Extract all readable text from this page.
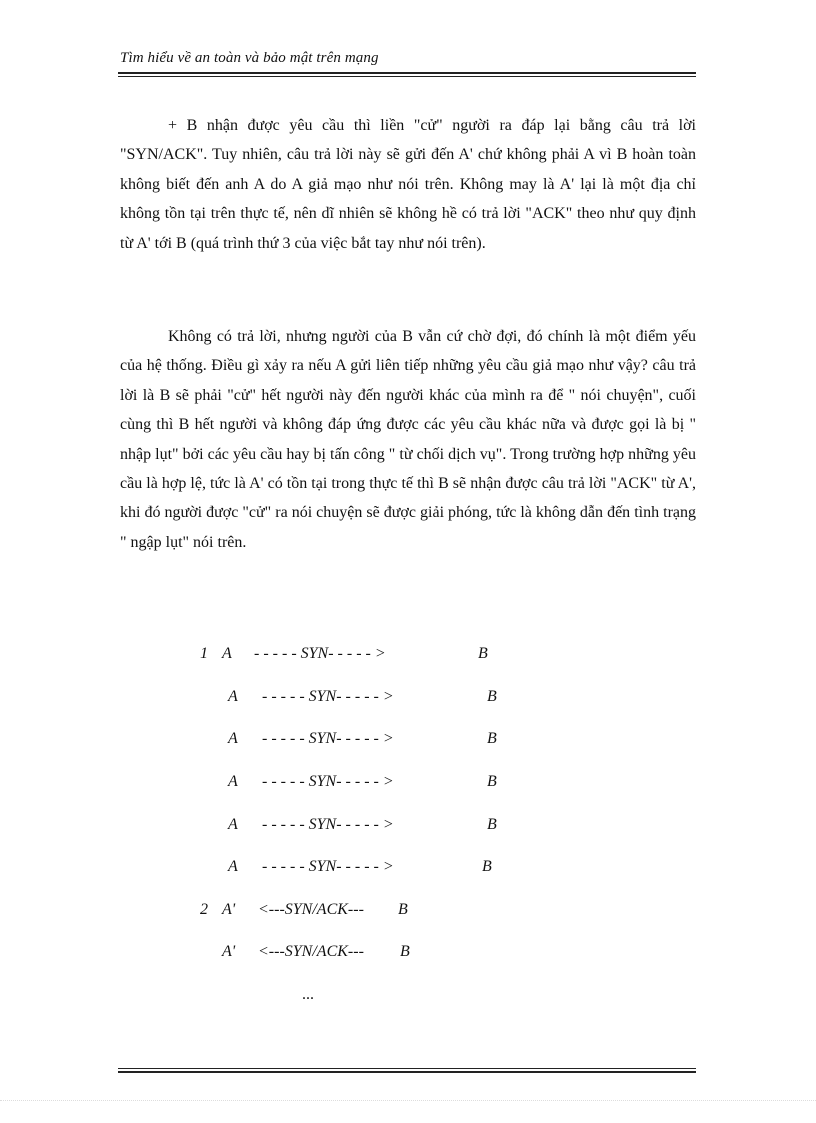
Tìm hiểu về an toàn và bảo mật trên mạng

+ B nhận được yêu cầu thì liền "cử" người ra đáp lại bằng câu trả lời "SYN/ACK". Tuy nhiên, câu trả lời này sẽ gửi đến A' chứ không phải A vì B hoàn toàn không biết đến anh A do A giả mạo như nói trên. Không may là A' lại là một địa chỉ không tồn tại trên thực tế, nên dĩ nhiên sẽ không hề có trả lời "ACK" theo như quy định từ A' tới B (quá trình thứ 3 của việc bắt tay như nói trên).

Không có trả lời, nhưng người của B vẫn cứ chờ đợi, đó chính là một điểm yếu của hệ thống. Điều gì xảy ra nếu A gửi liên tiếp những yêu cầu giả mạo như vậy? câu trả lời là B sẽ phải "cử" hết người này đến người khác của mình ra để " nói chuyện", cuối cùng thì B hết người và không đáp ứng được các yêu cầu khác nữa và được gọi là bị " nhập lụt" bởi các yêu cầu hay bị tấn công " từ chối dịch vụ". Trong trường hợp những yêu cầu là hợp lệ, tức là A' có tồn tại trong thực tế thì B sẽ nhận được câu trả lời "ACK" từ A', khi đó người được "cử" ra nói chuyện sẽ được giải phóng, tức là không dẫn đến tình trạng " ngập lụt" nói trên.

1 A - - - - - SYN- - - - - >	B
A - - - - - SYN- - - - - >	B
A - - - - - SYN- - - - - >	B
A - - - - - SYN- - - - - >	B
A - - - - - SYN- - - - - >	B
A - - - - - SYN- - - - - >	B
2 A' <---SYN/ACK--- B
A' <---SYN/ACK--- B
...
